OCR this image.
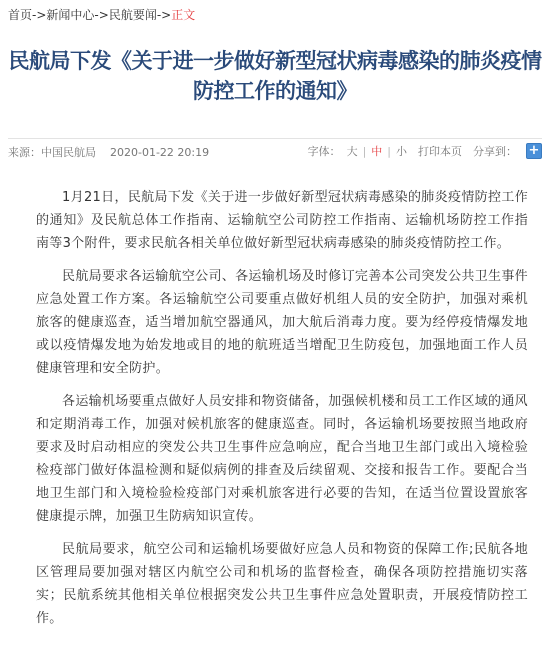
首页->新闻中心->民航要闻->正文
民航局下发《关于进一步做好新型冠状病毒感染的肺炎疫情防控工作的通知》
来源：中国民航局 2020-01-22 20:19	字体： 大 | 中 | 小 打印本页 分享到： +

1月21日，民航局下发《关于进一步做好新型冠状病毒感染的肺炎疫情防控工作的通知》及民航总体工作指南、运输航空公司防控工作指南、运输机场防控工作指南等3个附件，要求民航各相关单位做好新型冠状病毒感染的肺炎疫情防控工作。

民航局要求各运输航空公司、各运输机场及时修订完善本公司突发公共卫生事件应急处置工作方案。各运输航空公司要重点做好机组人员的安全防护，加强对乘机旅客的健康巡查，适当增加航空器通风，加大航后消毒力度。要为经停疫情爆发地或以疫情爆发地为始发地或目的地的航班适当增配卫生防疫包，加强地面工作人员健康管理和安全防护。

各运输机场要重点做好人员安排和物资储备，加强候机楼和员工工作区域的通风和定期消毒工作，加强对候机旅客的健康巡查。同时，各运输机场要按照当地政府要求及时启动相应的突发公共卫生事件应急响应，配合当地卫生部门或出入境检验检疫部门做好体温检测和疑似病例的排查及后续留观、交接和报告工作。要配合当地卫生部门和入境检验检疫部门对乘机旅客进行必要的告知，在适当位置设置旅客健康提示牌，加强卫生防病知识宣传。

民航局要求，航空公司和运输机场要做好应急人员和物资的保障工作;民航各地区管理局要加强对辖区内航空公司和机场的监督检查，确保各项防控措施切实落实；民航系统其他相关单位根据突发公共卫生事件应急处置职责，开展疫情防控工作。
